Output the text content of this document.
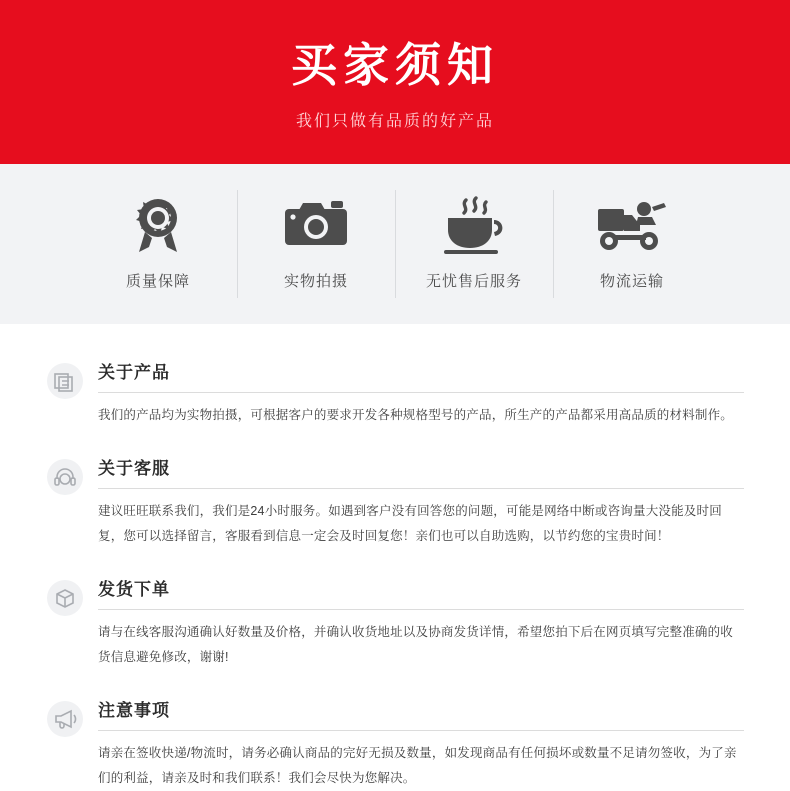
买家须知

我们只做有品质的好产品

质量保障	实物拍摄	无忧售后服务	物流运输
关于产品

我们的产品均为实物拍摄，可根据客户的要求开发各种规格型号的产品，所生产的产品都采用高品质的材料制作。

关于客服

建议旺旺联系我们，我们是24小时服务。如遇到客户没有回答您的问题，可能是网络中断或咨询量大没能及时回复，您可以选择留言，客服看到信息一定会及时回复您！亲们也可以自助选购，以节约您的宝贵时间！

发货下单

请与在线客服沟通确认好数量及价格，并确认收货地址以及协商发货详情，希望您拍下后在网页填写完整准确的收货信息避免修改，谢谢!

注意事项

请亲在签收快递/物流时，请务必确认商品的完好无损及数量，如发现商品有任何损坏或数量不足请勿签收，为了亲们的利益，请亲及时和我们联系！我们会尽快为您解决。
